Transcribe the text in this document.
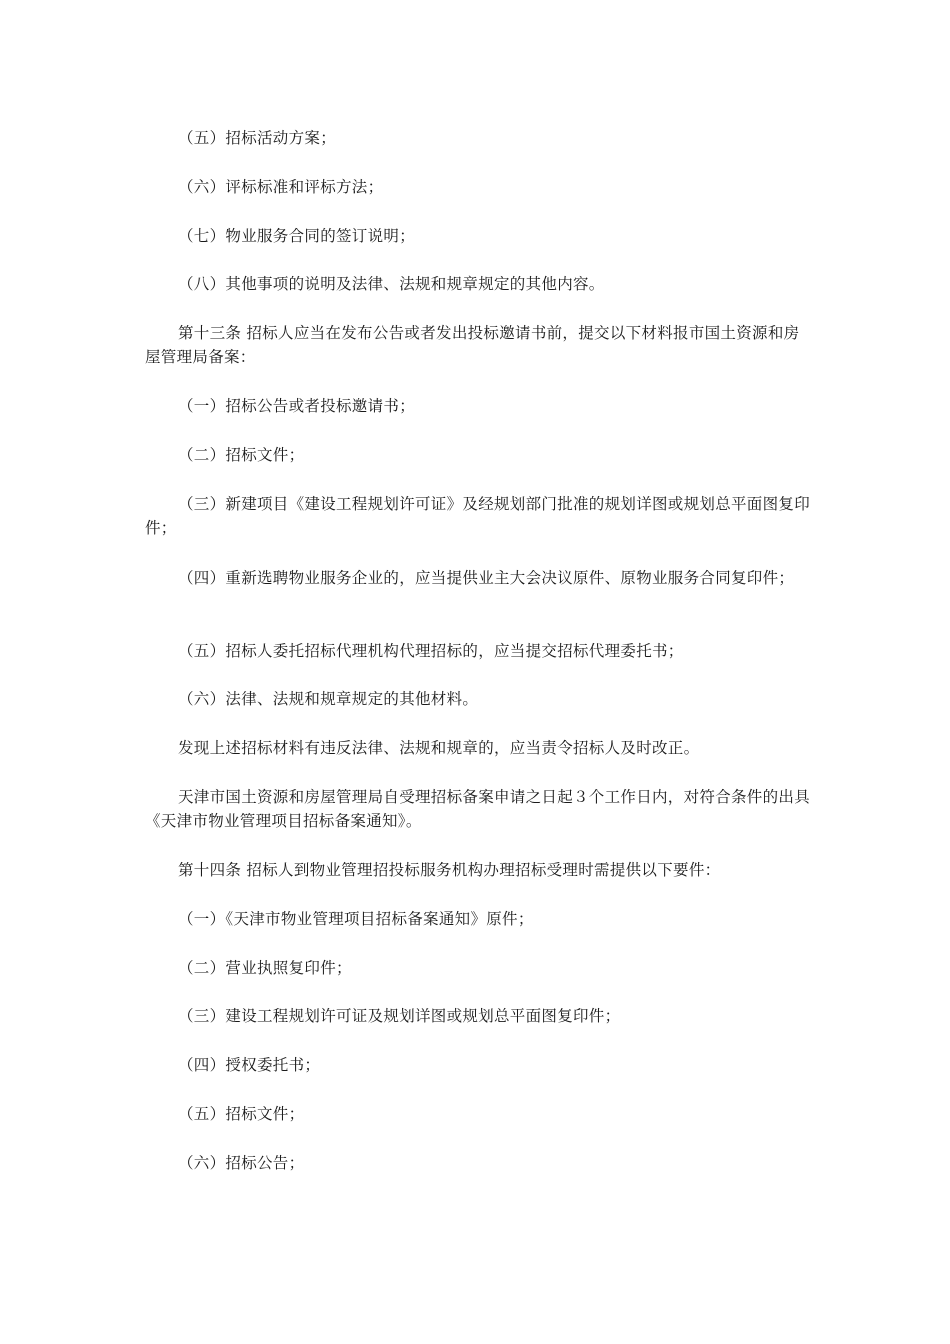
（五）招标活动方案；

（六）评标标准和评标方法；

（七）物业服务合同的签订说明；

（八）其他事项的说明及法律、法规和规章规定的其他内容。

第十三条 招标人应当在发布公告或者发出投标邀请书前，提交以下材料报市国土资源和房屋管理局备案：

（一）招标公告或者投标邀请书；

（二）招标文件；

（三）新建项目《建设工程规划许可证》及经规划部门批准的规划详图或规划总平面图复印件；

（四）重新选聘物业服务企业的，应当提供业主大会决议原件、原物业服务合同复印件；

（五）招标人委托招标代理机构代理招标的，应当提交招标代理委托书；

（六）法律、法规和规章规定的其他材料。

发现上述招标材料有违反法律、法规和规章的，应当责令招标人及时改正。

天津市国土资源和房屋管理局自受理招标备案申请之日起３个工作日内，对符合条件的出具《天津市物业管理项目招标备案通知》。

第十四条 招标人到物业管理招投标服务机构办理招标受理时需提供以下要件：

（一）《天津市物业管理项目招标备案通知》原件；

（二）营业执照复印件；

（三）建设工程规划许可证及规划详图或规划总平面图复印件；

（四）授权委托书；

（五）招标文件；

（六）招标公告；
